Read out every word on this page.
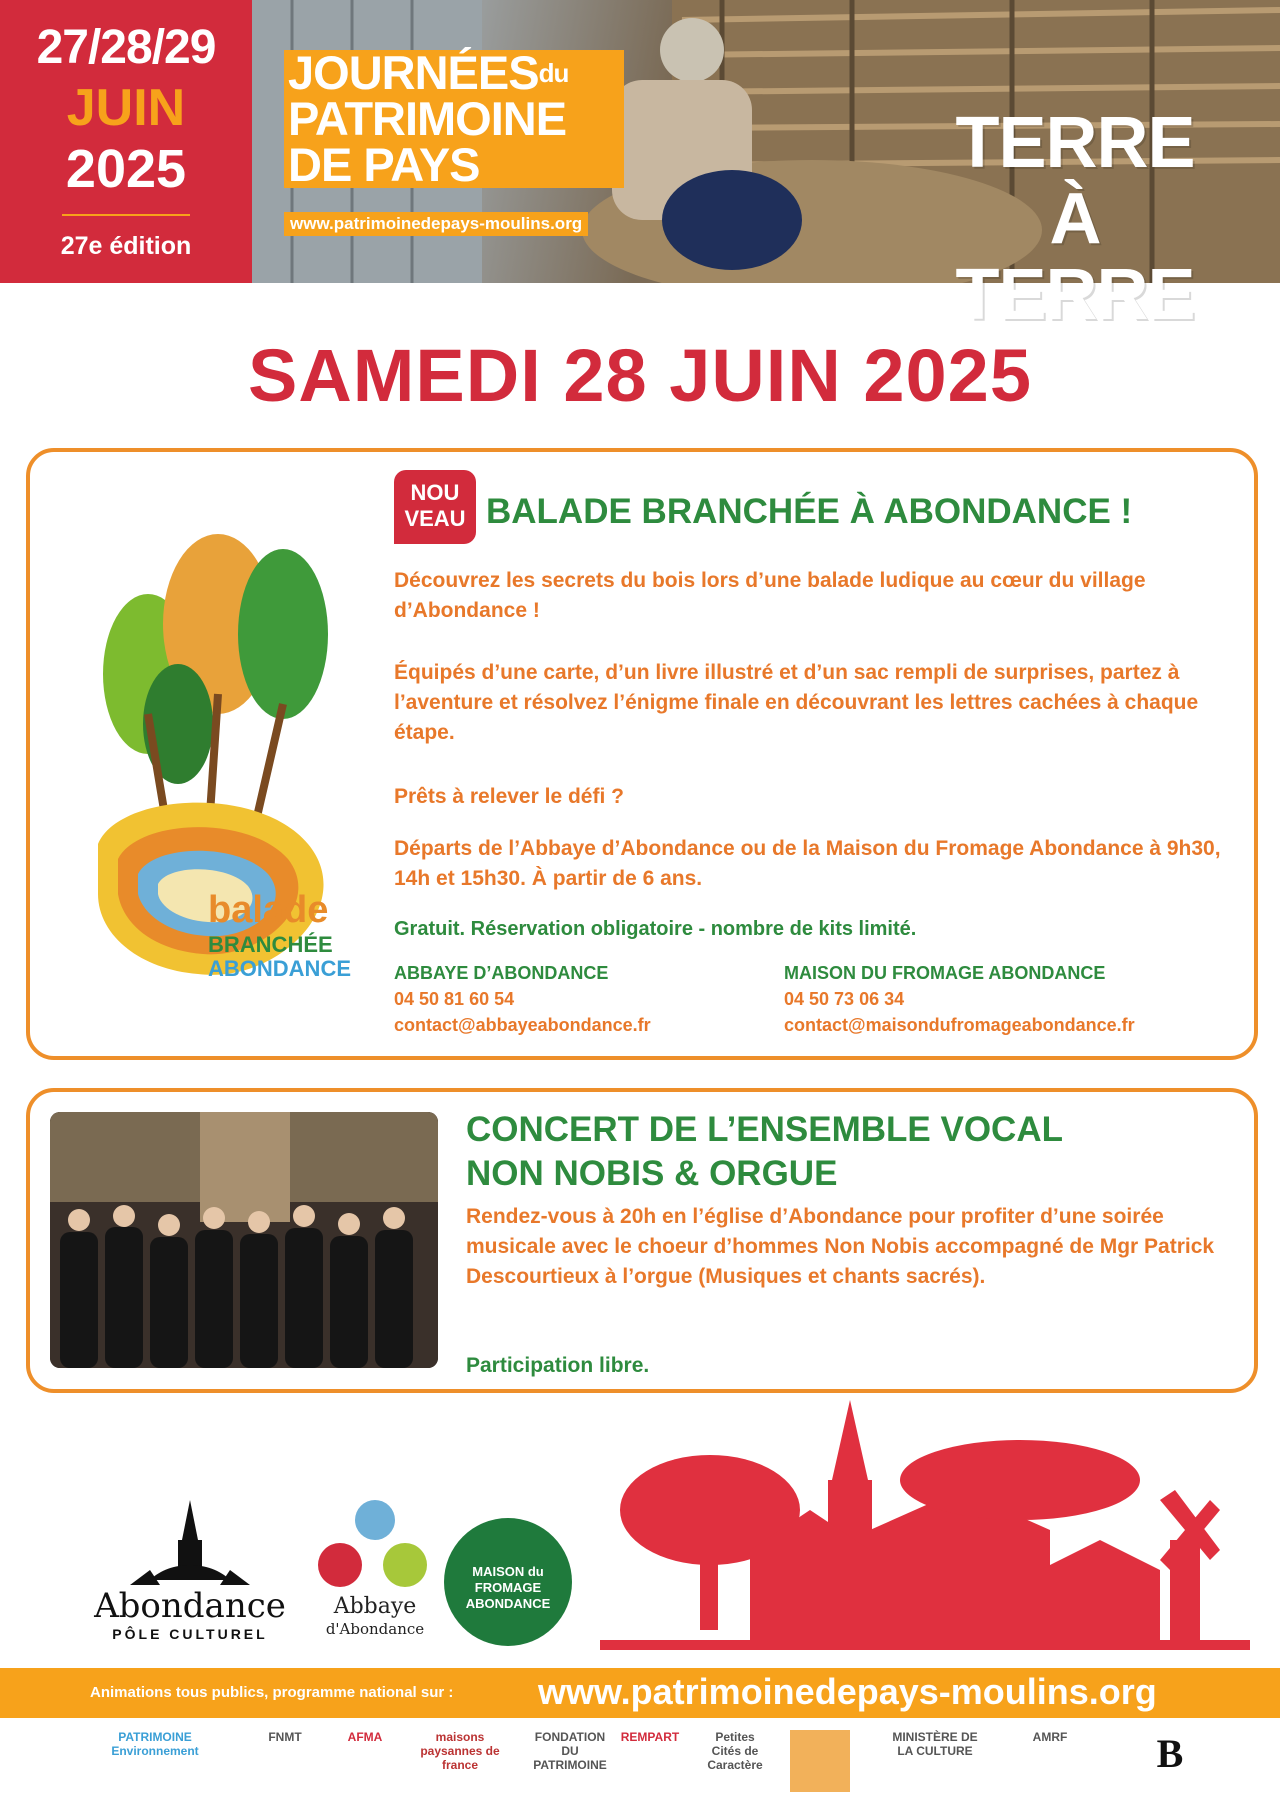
27/28/29
JUIN
2025
27e édition
$JOURNÉES^{du}$
PATRIMOINE
DE PAYS
www.patrimoinedepays-moulins.org
TERRE
À TERRE
SAMEDI 28 JUIN 2025
balade
BRANCHÉE
ABONDANCE
NOU
VEAU BALADE BRANCHÉE À ABONDANCE !
Découvrez les secrets du bois lors d’une balade ludique au cœur du village d’Abondance !
Équipés d’une carte, d’un livre illustré et d’un sac rempli de surprises, partez à l’aventure et résolvez l’énigme finale en découvrant les lettres cachées à chaque étape.
Prêts à relever le défi ?
Départs de l’Abbaye d’Abondance ou de la Maison du Fromage Abondance à 9h30, 14h et 15h30. À partir de 6 ans.
Gratuit. Réservation obligatoire - nombre de kits limité.
ABBAYE D’ABONDANCE
04 50 81 60 54
contact@abbayeabondance.fr
MAISON DU FROMAGE ABONDANCE
04 50 73 06 34
contact@maisondufromageabondance.fr
CONCERT DE L’ENSEMBLE VOCAL
NON NOBIS & ORGUE
Rendez-vous à 20h en l’église d’Abondance pour profiter d’une soirée musicale avec le choeur d’hommes Non Nobis accompagné de Mgr Patrick Descourtieux à l’orgue (Musiques et chants sacrés).
Participation libre.
Abondance
PÔLE CULTUREL
Abbaye
d'Abondance
MAISON du FROMAGE ABONDANCE
Animations tous publics, programme national sur : www.patrimoinedepays-moulins.org
PATRIMOINE Environnement
FNMT	AFMA	maisons paysannes de france
FONDATION DU PATRIMOINE
REMPART	Petites Cités de Caractère
MINISTÈRE DE LA CULTURE
AMRF	B
